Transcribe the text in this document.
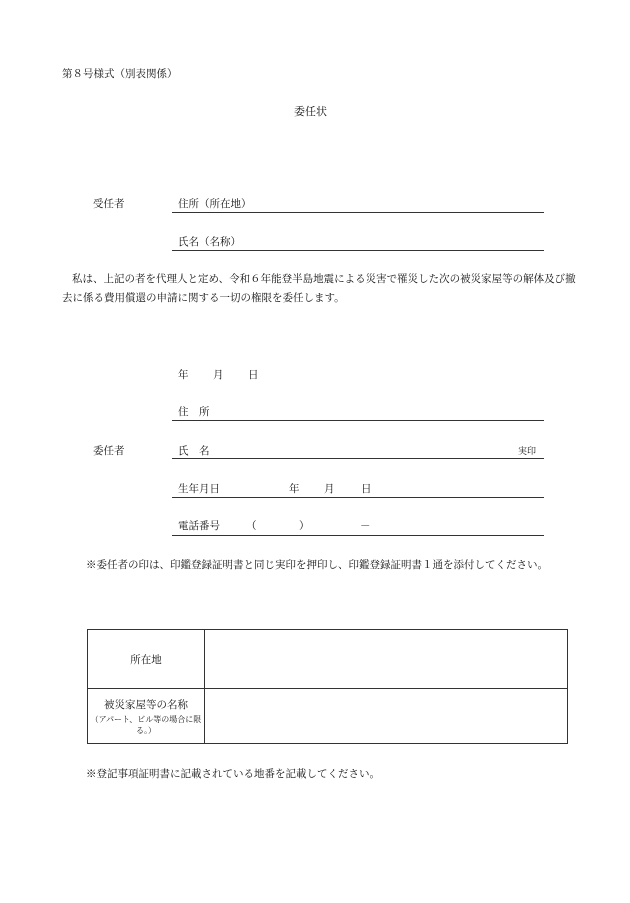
第８号様式（別表関係）
委任状
受任者	住所（所在地）
氏名（名称）
私は、上記の者を代理人と定め、令和６年能登半島地震による災害で罹災した次の被災家屋等の解体及び撤去に係る費用償還の申請に関する一切の権限を委任します。
年 月 日
住　所
委任者	氏　名	実印
生年月日	年 月	日
電話番号 （	）	－
※委任者の印は、印鑑登録証明書と同じ実印を押印し、印鑑登録証明書１通を添付してください。
所在地	

被災家屋等の名称
（アパート、ビル等の場合に限る。）	

※登記事項証明書に記載されている地番を記載してください。
